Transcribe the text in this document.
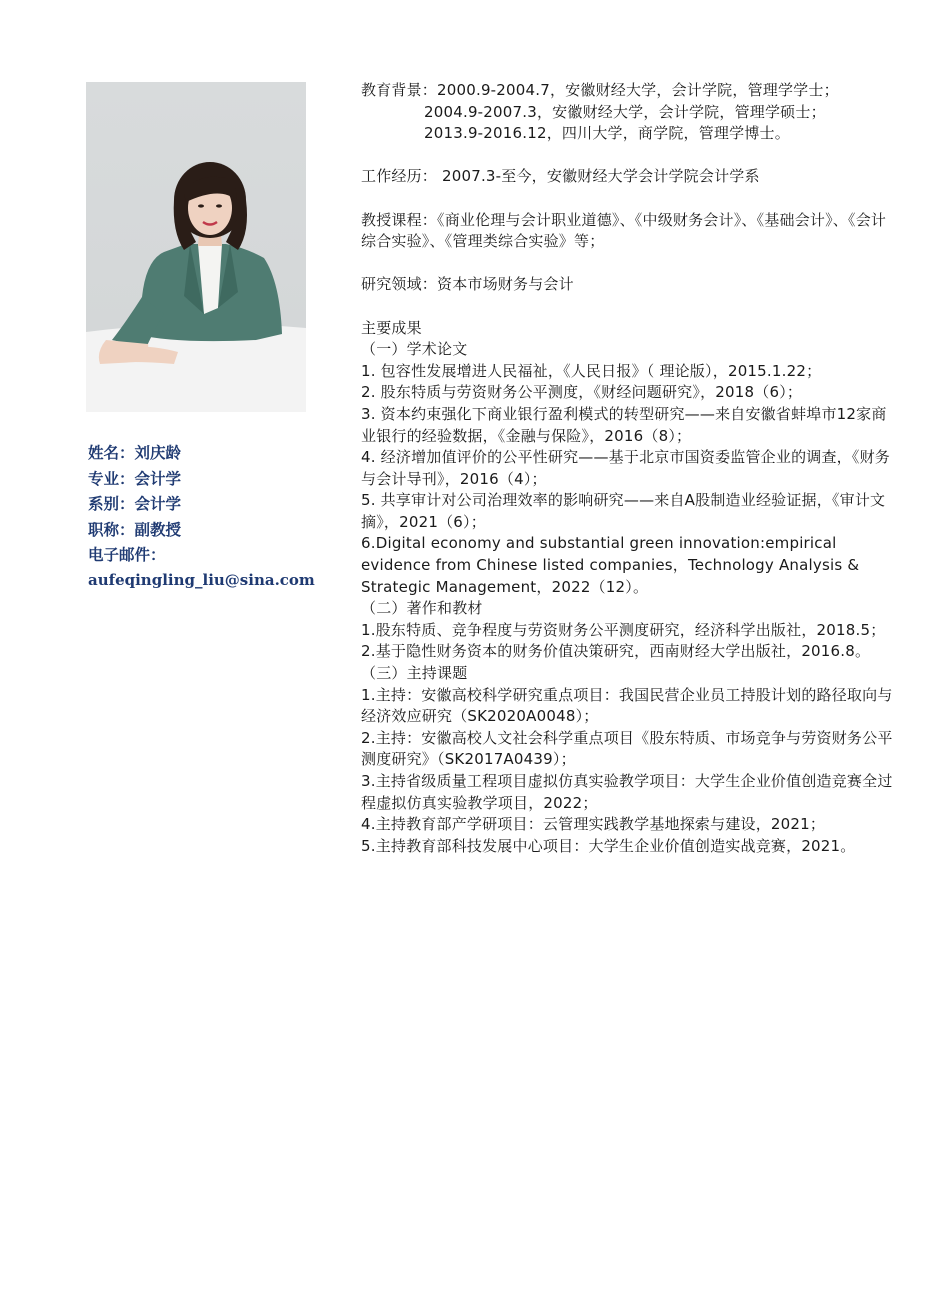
姓名：刘庆龄
专业：会计学
系别：会计学
职称：副教授
电子邮件：
aufeqingling_liu@sina.com

教育背景：2000.9-2004.7，安徽财经大学，会计学院，管理学学士；

2004.9-2007.3，安徽财经大学，会计学院，管理学硕士；

2013.9-2016.12，四川大学，商学院，管理学博士。

工作经历： 2007.3-至今，安徽财经大学会计学院会计学系

教授课程：《商业伦理与会计职业道德》、《中级财务会计》、《基础会计》、《会计综合实验》、《管理类综合实验》等；

研究领域：资本市场财务与会计

主要成果

（一）学术论文

1. 包容性发展增进人民福祉，《人民日报》（ 理论版），2015.1.22；

2. 股东特质与劳资财务公平测度，《财经问题研究》，2018（6）；

3. 资本约束强化下商业银行盈利模式的转型研究——来自安徽省蚌埠市12家商业银行的经验数据，《金融与保险》，2016（8）；

4. 经济增加值评价的公平性研究——基于北京市国资委监管企业的调查，《财务与会计导刊》，2016（4）；

5. 共享审计对公司治理效率的影响研究——来自A股制造业经验证据，《审计文摘》，2021（6）；

6.Digital economy and substantial green innovation:empirical evidence from Chinese listed companies，Technology Analysis & Strategic Management，2022（12）。

（二）著作和教材

1.股东特质、竞争程度与劳资财务公平测度研究，经济科学出版社，2018.5；

2.基于隐性财务资本的财务价值决策研究，西南财经大学出版社，2016.8。

（三）主持课题

1.主持：安徽高校科学研究重点项目：我国民营企业员工持股计划的路径取向与经济效应研究（SK2020A0048）；

2.主持：安徽高校人文社会科学重点项目《股东特质、市场竞争与劳资财务公平测度研究》（SK2017A0439）；

3.主持省级质量工程项目虚拟仿真实验教学项目：大学生企业价值创造竞赛全过程虚拟仿真实验教学项目，2022；

4.主持教育部产学研项目：云管理实践教学基地探索与建设，2021；

5.主持教育部科技发展中心项目：大学生企业价值创造实战竞赛，2021。
